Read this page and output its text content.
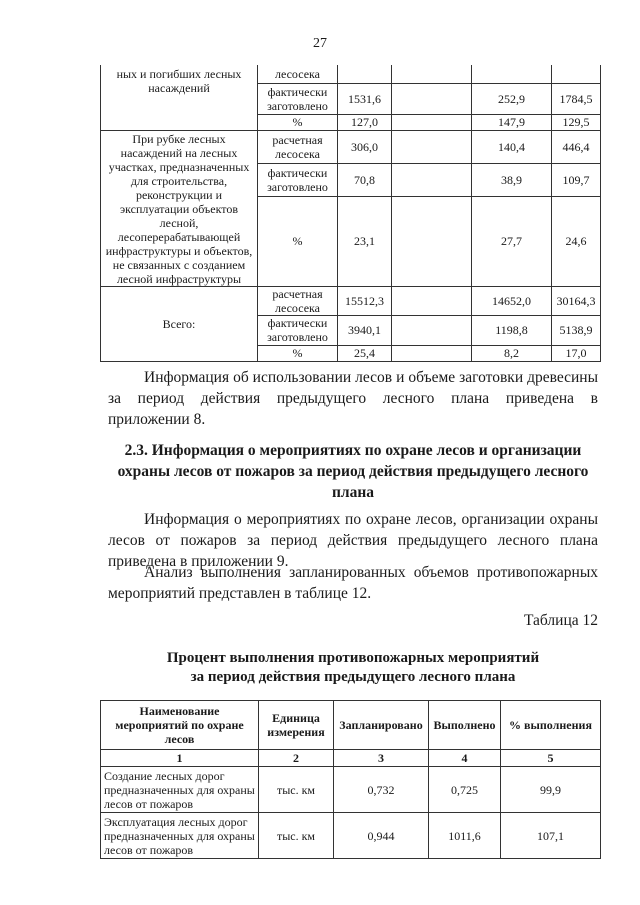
27
ных и погибших лесных насаждений	лесосека				
	фактически заготовлено	1531,6		252,9	1784,5
	%	127,0		147,9	129,5
При рубке лесных насаждений на лесных участках, предназначенных для строительства, реконструкции и эксплуатации объектов лесной, лесоперерабатывающей инфраструктуры и объектов, не связанных с созданием лесной инфраструктуры	расчетная лесосека	306,0		140,4	446,4
	фактически заготовлено	70,8		38,9	109,7
	%	23,1		27,7	24,6
Всего:	расчетная лесосека	15512,3		14652,0	30164,3
	фактически заготовлено	3940,1		1198,8	5138,9
	%	25,4		8,2	17,0
Информация об использовании лесов и объеме заготовки древесины
за период действия предыдущего лесного плана приведена в
приложении 8.
2.3. Информация о мероприятиях по охране лесов и организации
охраны лесов от пожаров за период действия предыдущего лесного
плана
Информация о мероприятиях по охране лесов, организации охраны
лесов от пожаров за период действия предыдущего лесного плана
приведена в приложении 9.
Анализ выполнения запланированных объемов противопожарных
мероприятий представлен в таблице 12.
Таблица 12
Процент выполнения противопожарных мероприятий
за период действия предыдущего лесного плана
Наименование мероприятий по охране лесов	Единица измерения	Запланировано	Выполнено	% выполнения
1	2	3	4	5
Создание лесных дорог предназначенных для охраны лесов от пожаров	тыс. км	0,732	0,725	99,9
Эксплуатация лесных дорог предназначенных для охраны лесов от пожаров	тыс. км	0,944	1011,6	107,1
